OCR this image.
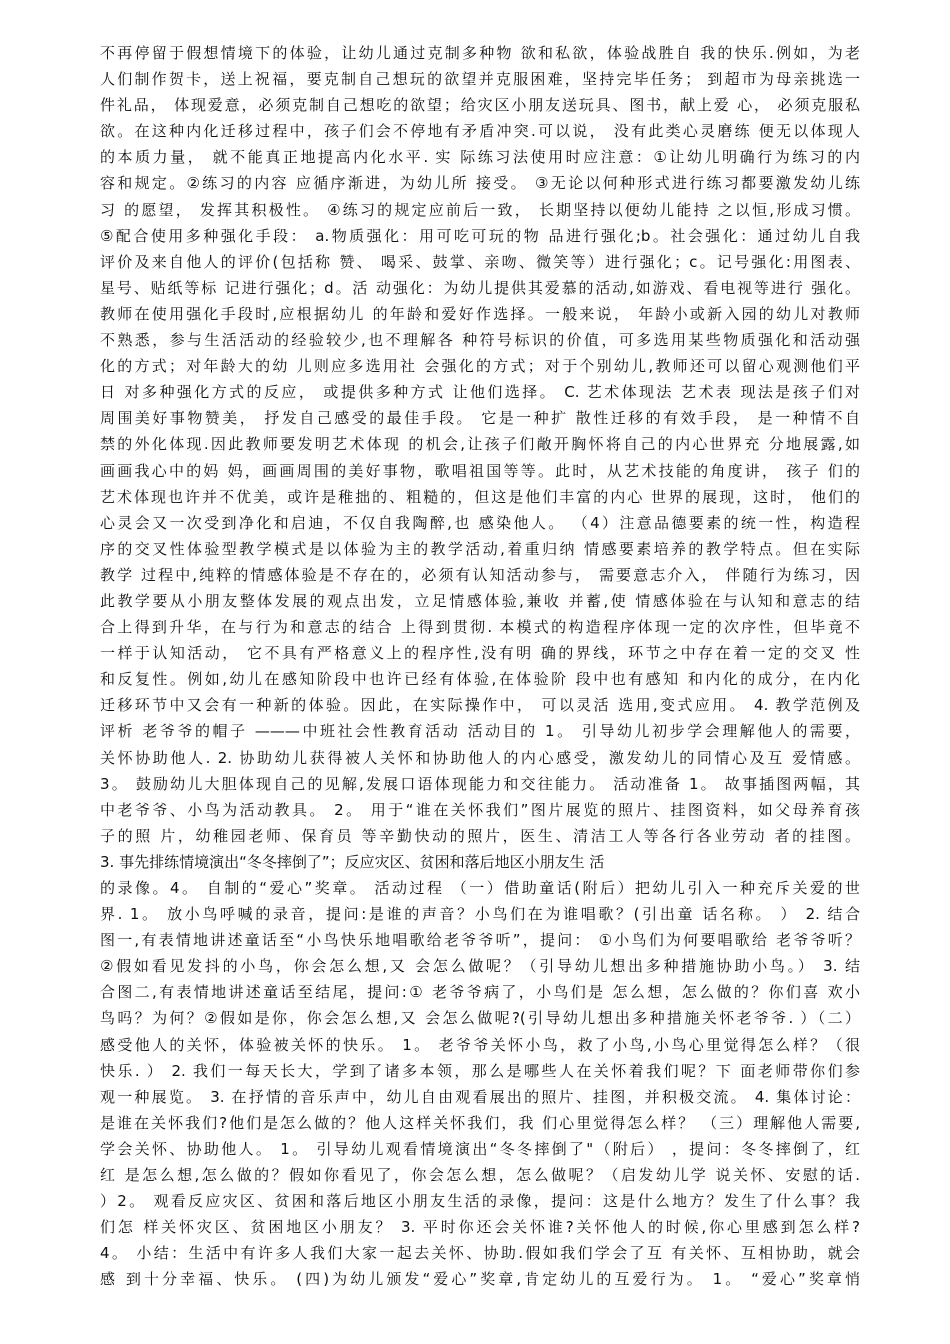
不再停留于假想情境下的体验，让幼儿通过克制多种物 欲和私欲，体验战胜自 我的快乐.例如，为老
人们制作贺卡，送上祝福，要克制自己想玩的欲望并克服困难，坚持完毕任务； 到超市为母亲挑选一
件礼品， 体现爱意，必须克制自己想吃的欲望；给灾区小朋友送玩具、图书，献上爱 心， 必须克服私
欲。在这种内化迁移过程中，孩子们会不停地有矛盾冲突.可以说， 没有此类心灵磨练 便无以体现人
的本质力量， 就不能真正地提高内化水平. 实 际练习法使用时应注意：①让幼儿明确行为练习的内
容和规定。②练习的内容 应循序渐进，为幼儿所 接受。 ③无论以何种形式进行练习都要激发幼儿练
习 的愿望， 发挥其积极性。 ④练习的规定应前后一致， 长期坚持以便幼儿能持 之以恒,形成习惯。
⑤配合使用多种强化手段： a.物质强化：用可吃可玩的物 品进行强化;b。社会强化：通过幼儿自我
评价及来自他人的评价(包括称 赞、 喝采、鼓掌、亲吻、微笑等）进行强化；c。记号强化:用图表、
星号、贴纸等标 记进行强化；d。活 动强化：为幼儿提供其爱慕的活动,如游戏、看电视等进行 强化。
教师在使用强化手段时,应根据幼儿 的年龄和爱好作选择。一般来说， 年龄小或新入园的幼儿对教师
不熟悉，参与生活活动的经验较少,也不理解各 种符号标识的价值，可多选用某些物质强化和活动强
化的方式；对年龄大的幼 儿则应多选用社 会强化的方式；对于个别幼儿,教师还可以留心观测他们平
日 对多种强化方式的反应， 或提供多种方式 让他们选择。 C. 艺术体现法 艺术表 现法是孩子们对
周围美好事物赞美， 抒发自己感受的最佳手段。 它是一种扩 散性迁移的有效手段， 是一种情不自
禁的外化体现.因此教师要发明艺术体现 的机会,让孩子们敞开胸怀将自己的内心世界充 分地展露,如
画画我心中的妈 妈，画画周围的美好事物，歌唱祖国等等。此时，从艺术技能的角度讲， 孩子 们的
艺术体现也许并不优美，或许是稚拙的、粗糙的，但这是他们丰富的内心 世界的展现，这时， 他们的
心灵会又一次受到净化和启迪，不仅自我陶醉,也 感染他人。 （4）注意品德要素的统一性，构造程
序的交叉性体验型教学模式是以体验为主的教学活动,着重归纳 情感要素培养的教学特点。但在实际
教学 过程中,纯粹的情感体验是不存在的，必须有认知活动参与， 需要意志介入， 伴随行为练习，因
此教学要从小朋友整体发展的观点出发，立足情感体验,兼收 并蓄,使 情感体验在与认知和意志的结
合上得到升华，在与行为和意志的结合 上得到贯彻. 本模式的构造程序体现一定的次序性，但毕竟不
一样于认知活动， 它不具有严格意义上的程序性,没有明 确的界线，环节之中存在着一定的交叉 性
和反复性。例如,幼儿在感知阶段中也许已经有体验,在体验阶 段中也有感知 和内化的成分，在内化
迁移环节中又会有一种新的体验。因此，在实际操作中， 可以灵活 选用,变式应用。 4. 教学范例及
评析 老爷爷的帽子 ———中班社会性教育活动 活动目的 1。 引导幼儿初步学会理解他人的需要，
关怀协助他人. 2. 协助幼儿获得被人关怀和协助他人的内心感受，激发幼儿的同情心及互 爱情感。
3。 鼓励幼儿大胆体现自己的见解,发展口语体现能力和交往能力。 活动准备 1。 故事插图两幅，其
中老爷爷、小鸟为活动教具。 2。 用于“谁在关怀我们”图片展览的照片、挂图资料，如父母养育孩
子的照 片，幼稚园老师、保育员 等辛勤快动的照片，医生、清洁工人等各行各业劳动 者的挂图。
3. 事先排练情境演出“冬冬摔倒了”；反应灾区、贫困和落后地区小朋友生 活
的录像。4。 自制的“爱心”奖章。 活动过程 （一）借助童话(附后）把幼儿引入一种充斥关爱的世
界. 1。 放小鸟呼喊的录音，提问:是谁的声音？小鸟们在为谁唱歌？(引出童 话名称。 ） 2. 结合
图一,有表情地讲述童话至“小鸟快乐地唱歌给老爷爷听”，提问： ①小鸟们为何要唱歌给 老爷爷听？
②假如看见发抖的小鸟，你会怎么想,又 会怎么做呢？（引导幼儿想出多种措施协助小鸟。） 3. 结
合图二,有表情地讲述童话至结尾，提问:① 老爷爷病了，小鸟们是 怎么想，怎么做的？你们喜 欢小
鸟吗？为何？②假如是你，你会怎么想,又 会怎么做呢?(引导幼儿想出多种措施关怀老爷爷. ）（二）
感受他人的关怀，体验被关怀的快乐。 1。 老爷爷关怀小鸟，救了小鸟,小鸟心里觉得怎么样？（很
快乐. ） 2. 我们一每天长大，学到了诸多本领，那么是哪些人在关怀着我们呢？下 面老师带你们参
观一种展览。 3. 在抒情的音乐声中，幼儿自由观看展出的照片、挂图，并积极交流。 4. 集体讨论：
是谁在关怀我们?他们是怎么做的？他人这样关怀我们，我 们心里觉得怎么样？ （三）理解他人需要,
学会关怀、协助他人。 1。 引导幼儿观看情境演出“冬冬摔倒了"（附后） ，提问：冬冬摔倒了，红
红 是怎么想,怎么做的？假如你看见了，你会怎么想，怎么做呢？（启发幼儿学 说关怀、安慰的话.
）2。 观看反应灾区、贫困和落后地区小朋友生活的录像，提问：这是什么地方？发生了什么事？我
们怎 样关怀灾区、贫困地区小朋友？ 3. 平时你还会关怀谁?关怀他人的时候,你心里感到怎么样?
4。 小结：生活中有许多人我们大家一起去关怀、协助.假如我们学会了互 有关怀、互相协助，就会
感 到十分幸福、快乐。 (四)为幼儿颁发“爱心”奖章,肯定幼儿的互爱行为。 1。 “爱心”奖章悄
